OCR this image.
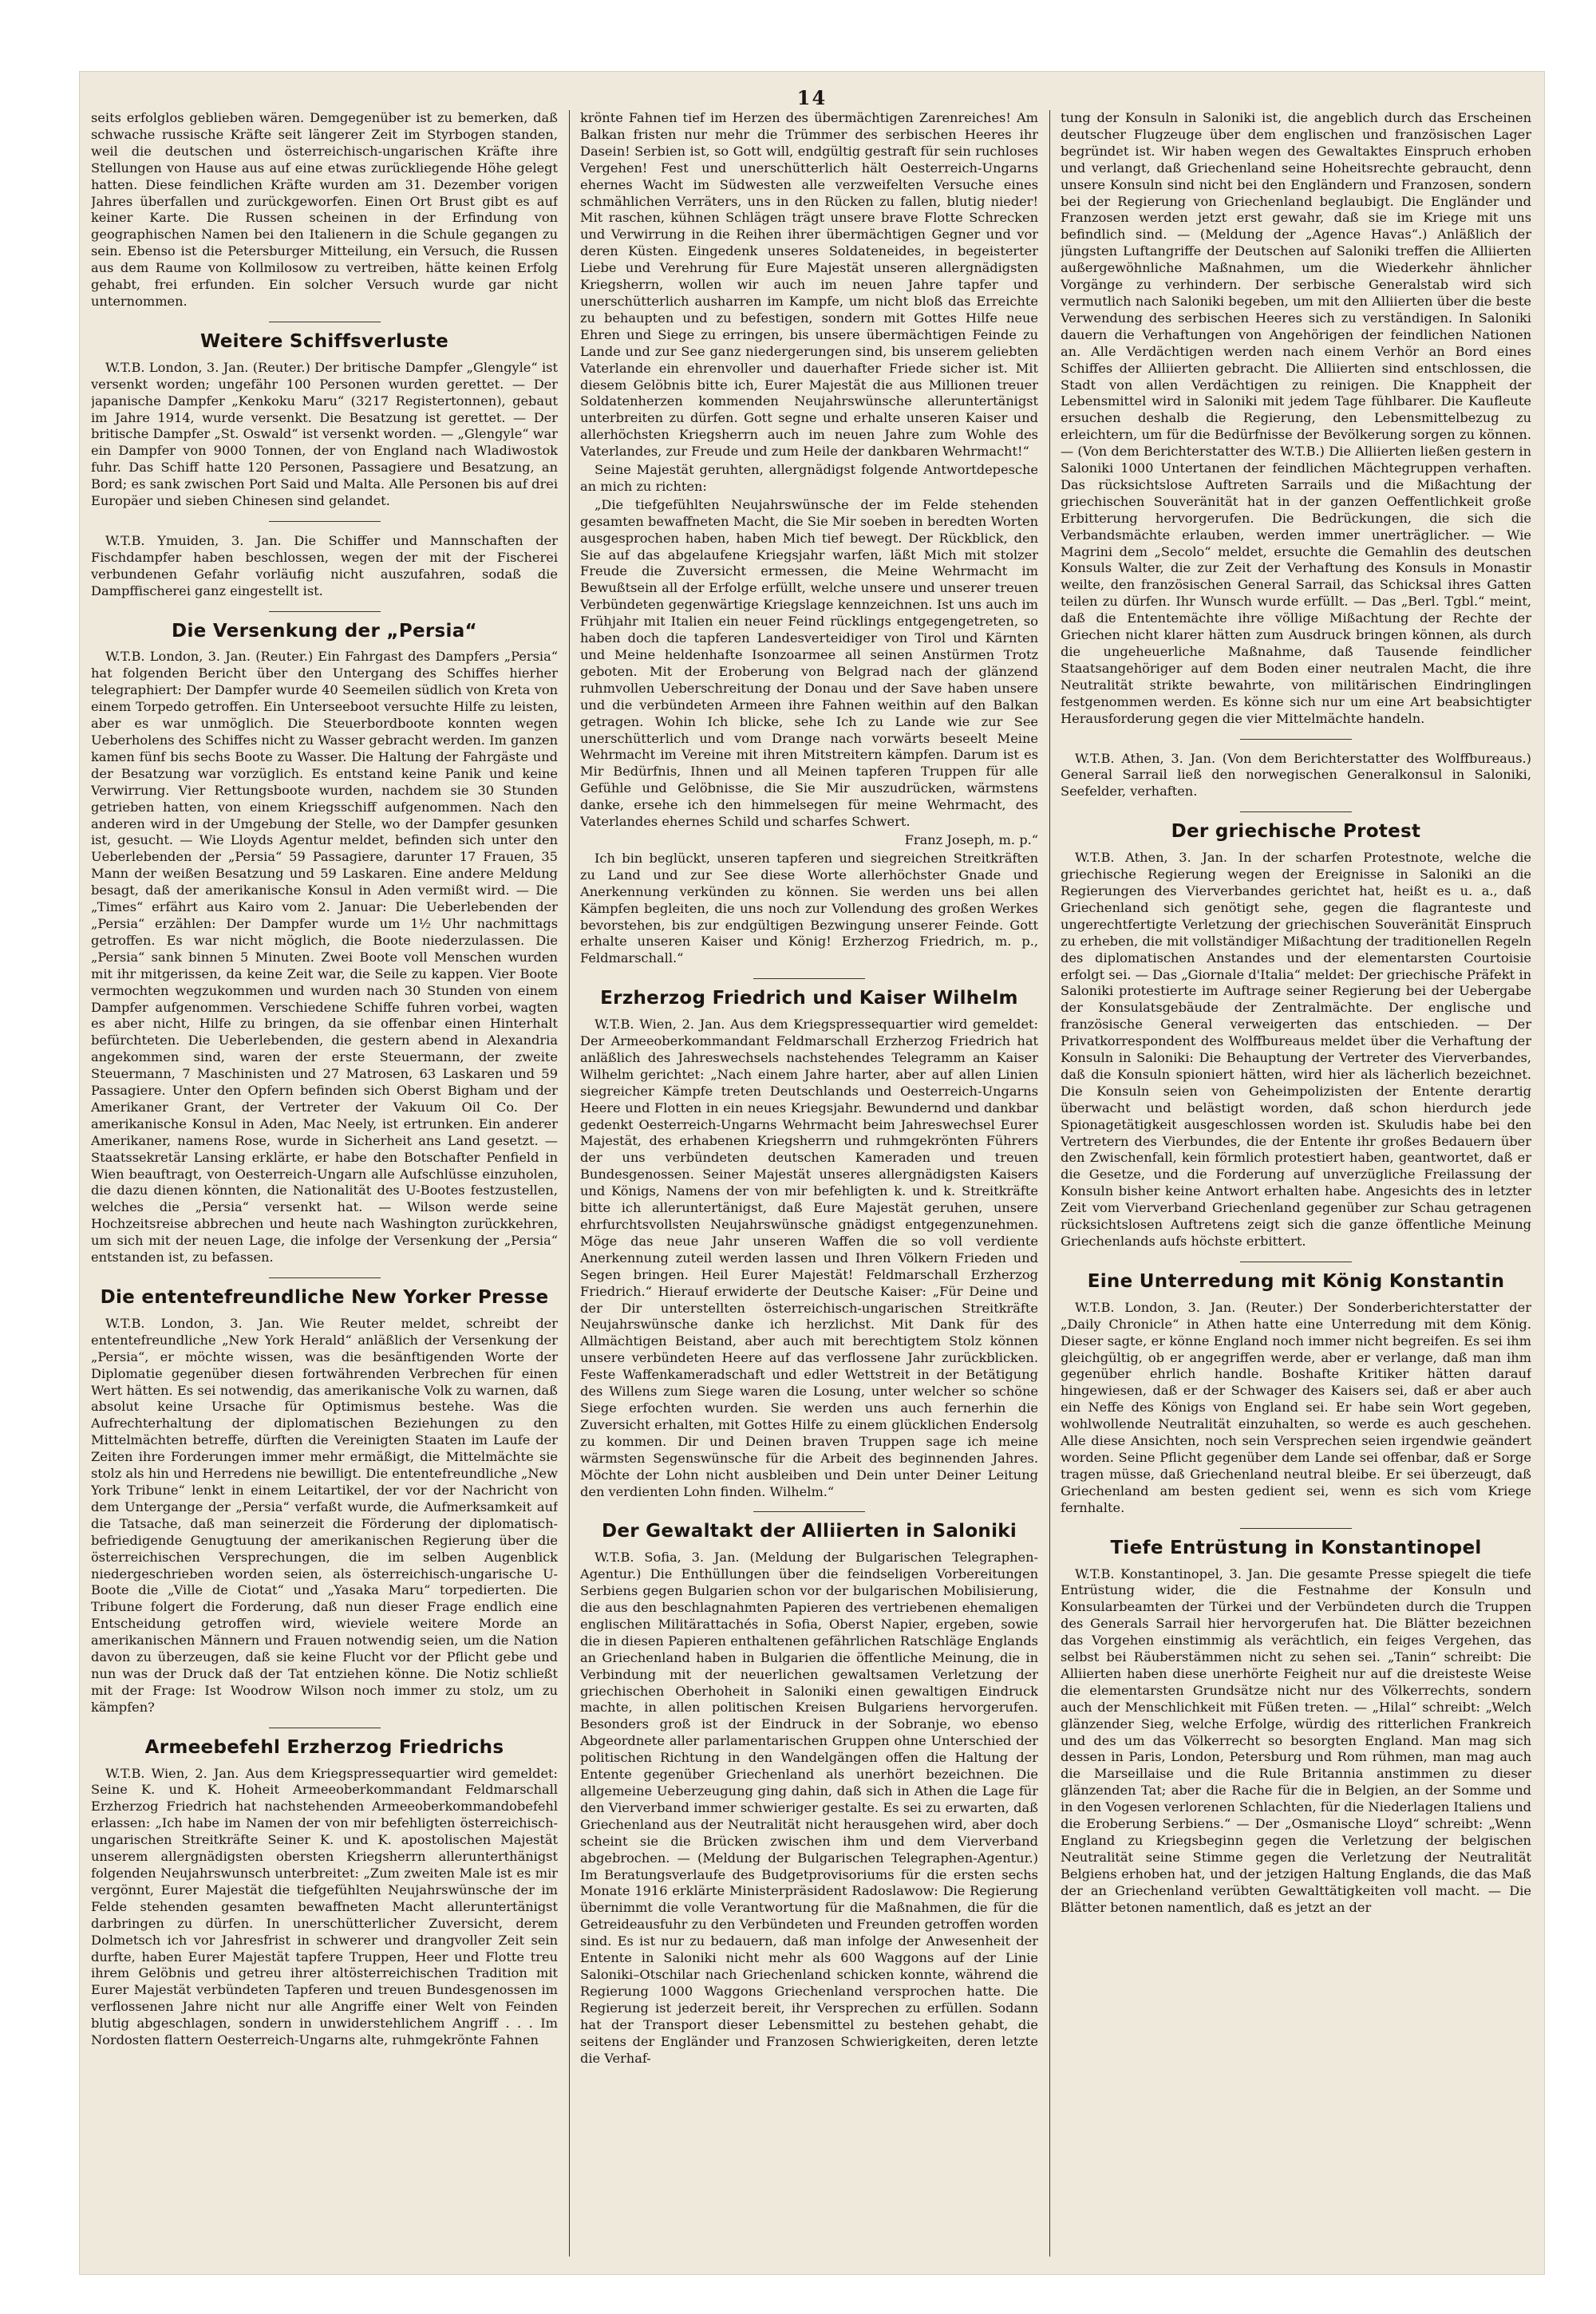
14

seits erfolglos geblieben wären. Demgegenüber ist zu bemerken, daß schwache russische Kräfte seit längerer Zeit im Styrbogen standen, weil die deutschen und österreichisch-ungarischen Kräfte ihre Stellungen von Hause aus auf eine etwas zurückliegende Höhe gelegt hatten. Diese feindlichen Kräfte wurden am 31. Dezember vorigen Jahres überfallen und zurückgeworfen. Einen Ort Brust gibt es auf keiner Karte. Die Russen scheinen in der Erfindung von geographischen Namen bei den Italienern in die Schule gegangen zu sein. Ebenso ist die Petersburger Mitteilung, ein Versuch, die Russen aus dem Raume von Kollmilosow zu vertreiben, hätte keinen Erfolg gehabt, frei erfunden. Ein solcher Versuch wurde gar nicht unternommen.

Weitere Schiffsverluste

W.T.B. London, 3. Jan. (Reuter.) Der britische Dampfer „Glengyle“ ist versenkt worden; ungefähr 100 Personen wurden gerettet. — Der japanische Dampfer „Kenkoku Maru“ (3217 Registertonnen), gebaut im Jahre 1914, wurde versenkt. Die Besatzung ist gerettet. — Der britische Dampfer „St. Oswald“ ist versenkt worden. — „Glengyle“ war ein Dampfer von 9000 Tonnen, der von England nach Wladiwostok fuhr. Das Schiff hatte 120 Personen, Passagiere und Besatzung, an Bord; es sank zwischen Port Said und Malta. Alle Personen bis auf drei Europäer und sieben Chinesen sind gelandet.

W.T.B. Ymuiden, 3. Jan. Die Schiffer und Mannschaften der Fischdampfer haben beschlossen, wegen der mit der Fischerei verbundenen Gefahr vorläufig nicht auszufahren, sodaß die Dampffischerei ganz eingestellt ist.

Die Versenkung der „Persia“

W.T.B. London, 3. Jan. (Reuter.) Ein Fahrgast des Dampfers „Persia“ hat folgenden Bericht über den Untergang des Schiffes hierher telegraphiert: Der Dampfer wurde 40 Seemeilen südlich von Kreta von einem Torpedo getroffen. Ein Unterseeboot versuchte Hilfe zu leisten, aber es war unmöglich. Die Steuerbordboote konnten wegen Ueberholens des Schiffes nicht zu Wasser gebracht werden. Im ganzen kamen fünf bis sechs Boote zu Wasser. Die Haltung der Fahrgäste und der Besatzung war vorzüglich. Es entstand keine Panik und keine Verwirrung. Vier Rettungsboote wurden, nachdem sie 30 Stunden getrieben hatten, von einem Kriegsschiff aufgenommen. Nach den anderen wird in der Umgebung der Stelle, wo der Dampfer gesunken ist, gesucht. — Wie Lloyds Agentur meldet, befinden sich unter den Ueberlebenden der „Persia“ 59 Passagiere, darunter 17 Frauen, 35 Mann der weißen Besatzung und 59 Laskaren. Eine andere Meldung besagt, daß der amerikanische Konsul in Aden vermißt wird. — Die „Times“ erfährt aus Kairo vom 2. Januar: Die Ueberlebenden der „Persia“ erzählen: Der Dampfer wurde um 1½ Uhr nachmittags getroffen. Es war nicht möglich, die Boote niederzulassen. Die „Persia“ sank binnen 5 Minuten. Zwei Boote voll Menschen wurden mit ihr mitgerissen, da keine Zeit war, die Seile zu kappen. Vier Boote vermochten wegzukommen und wurden nach 30 Stunden von einem Dampfer aufgenommen. Verschiedene Schiffe fuhren vorbei, wagten es aber nicht, Hilfe zu bringen, da sie offenbar einen Hinterhalt befürchteten. Die Ueberlebenden, die gestern abend in Alexandria angekommen sind, waren der erste Steuermann, der zweite Steuermann, 7 Maschinisten und 27 Matrosen, 63 Laskaren und 59 Passagiere. Unter den Opfern befinden sich Oberst Bigham und der Amerikaner Grant, der Vertreter der Vakuum Oil Co. Der amerikanische Konsul in Aden, Mac Neely, ist ertrunken. Ein anderer Amerikaner, namens Rose, wurde in Sicherheit ans Land gesetzt. — Staatssekretär Lansing erklärte, er habe den Botschafter Penfield in Wien beauftragt, von Oesterreich-Ungarn alle Aufschlüsse einzuholen, die dazu dienen könnten, die Nationalität des U-Bootes festzustellen, welches die „Persia“ versenkt hat. — Wilson werde seine Hochzeitsreise abbrechen und heute nach Washington zurückkehren, um sich mit der neuen Lage, die infolge der Versenkung der „Persia“ entstanden ist, zu befassen.

Die ententefreundliche New Yorker Presse

W.T.B. London, 3. Jan. Wie Reuter meldet, schreibt der ententefreundliche „New York Herald“ anläßlich der Versenkung der „Persia“, er möchte wissen, was die besänftigenden Worte der Diplomatie gegenüber diesen fortwährenden Verbrechen für einen Wert hätten. Es sei notwendig, das amerikanische Volk zu warnen, daß absolut keine Ursache für Optimismus bestehe. Was die Aufrechterhaltung der diplomatischen Beziehungen zu den Mittelmächten betreffe, dürften die Vereinigten Staaten im Laufe der Zeiten ihre Forderungen immer mehr ermäßigt, die Mittelmächte sie stolz als hin und Herredens nie bewilligt. Die ententefreundliche „New York Tribune“ lenkt in einem Leitartikel, der vor der Nachricht von dem Untergange der „Persia“ verfaßt wurde, die Aufmerksamkeit auf die Tatsache, daß man seinerzeit die Förderung der diplomatisch-befriedigende Genugtuung der amerikanischen Regierung über die österreichischen Versprechungen, die im selben Augenblick niedergeschrieben worden seien, als österreichisch-ungarische U-Boote die „Ville de Ciotat“ und „Yasaka Maru“ torpedierten. Die Tribune folgert die Forderung, daß nun dieser Frage endlich eine Entscheidung getroffen wird, wieviele weitere Morde an amerikanischen Männern und Frauen notwendig seien, um die Nation davon zu überzeugen, daß sie keine Flucht vor der Pflicht gebe und nun was der Druck daß der Tat entziehen könne. Die Notiz schließt mit der Frage: Ist Woodrow Wilson noch immer zu stolz, um zu kämpfen?

Armeebefehl Erzherzog Friedrichs

W.T.B. Wien, 2. Jan. Aus dem Kriegspressequartier wird gemeldet: Seine K. und K. Hoheit Armeeoberkommandant Feldmarschall Erzherzog Friedrich hat nachstehenden Armeeoberkommandobefehl erlassen: „Ich habe im Namen der von mir befehligten österreichisch-ungarischen Streitkräfte Seiner K. und K. apostolischen Majestät unserem allergnädigsten obersten Kriegsherrn allerunterthänigst folgenden Neujahrswunsch unterbreitet: „Zum zweiten Male ist es mir vergönnt, Eurer Majestät die tiefgefühlten Neujahrswünsche der im Felde stehenden gesamten bewaffneten Macht alleruntertänigst darbringen zu dürfen. In unerschütterlicher Zuversicht, derem Dolmetsch ich vor Jahresfrist in schwerer und drangvoller Zeit sein durfte, haben Eurer Majestät tapfere Truppen, Heer und Flotte treu ihrem Gelöbnis und getreu ihrer altösterreichischen Tradition mit Eurer Majestät verbündeten Tapferen und treuen Bundesgenossen im verflossenen Jahre nicht nur alle Angriffe einer Welt von Feinden blutig abgeschlagen, sondern in unwiderstehlichem Angriff . . . Im Nordosten flattern Oesterreich-Ungarns alte, ruhmgekrönte Fahnen

krönte Fahnen tief im Herzen des übermächtigen Zarenreiches! Am Balkan fristen nur mehr die Trümmer des serbischen Heeres ihr Dasein! Serbien ist, so Gott will, endgültig gestraft für sein ruchloses Vergehen! Fest und unerschütterlich hält Oesterreich-Ungarns ehernes Wacht im Südwesten alle verzweifelten Versuche eines schmählichen Verräters, uns in den Rücken zu fallen, blutig nieder! Mit raschen, kühnen Schlägen trägt unsere brave Flotte Schrecken und Verwirrung in die Reihen ihrer übermächtigen Gegner und vor deren Küsten. Eingedenk unseres Soldateneides, in begeisterter Liebe und Verehrung für Eure Majestät unseren allergnädigsten Kriegsherrn, wollen wir auch im neuen Jahre tapfer und unerschütterlich ausharren im Kampfe, um nicht bloß das Erreichte zu behaupten und zu befestigen, sondern mit Gottes Hilfe neue Ehren und Siege zu erringen, bis unsere übermächtigen Feinde zu Lande und zur See ganz niedergerungen sind, bis unserem geliebten Vaterlande ein ehrenvoller und dauerhafter Friede sicher ist. Mit diesem Gelöbnis bitte ich, Eurer Majestät die aus Millionen treuer Soldatenherzen kommenden Neujahrswünsche alleruntertänigst unterbreiten zu dürfen. Gott segne und erhalte unseren Kaiser und allerhöchsten Kriegsherrn auch im neuen Jahre zum Wohle des Vaterlandes, zur Freude und zum Heile der dankbaren Wehrmacht!“

Seine Majestät geruhten, allergnädigst folgende Antwortdepesche an mich zu richten:

„Die tiefgefühlten Neujahrswünsche der im Felde stehenden gesamten bewaffneten Macht, die Sie Mir soeben in beredten Worten ausgesprochen haben, haben Mich tief bewegt. Der Rückblick, den Sie auf das abgelaufene Kriegsjahr warfen, läßt Mich mit stolzer Freude die Zuversicht ermessen, die Meine Wehrmacht im Bewußtsein all der Erfolge erfüllt, welche unsere und unserer treuen Verbündeten gegenwärtige Kriegslage kennzeichnen. Ist uns auch im Frühjahr mit Italien ein neuer Feind rücklings entgegengetreten, so haben doch die tapferen Landesverteidiger von Tirol und Kärnten und Meine heldenhafte Isonzoarmee all seinen Anstürmen Trotz geboten. Mit der Eroberung von Belgrad nach der glänzend ruhmvollen Ueberschreitung der Donau und der Save haben unsere und die verbündeten Armeen ihre Fahnen weithin auf den Balkan getragen. Wohin Ich blicke, sehe Ich zu Lande wie zur See unerschütterlich und vom Drange nach vorwärts beseelt Meine Wehrmacht im Vereine mit ihren Mitstreitern kämpfen. Darum ist es Mir Bedürfnis, Ihnen und all Meinen tapferen Truppen für alle Gefühle und Gelöbnisse, die Sie Mir auszudrücken, wärmstens danke, ersehe ich den himmelsegen für meine Wehrmacht, des Vaterlandes ehernes Schild und scharfes Schwert.

Franz Joseph, m. p.“

Ich bin beglückt, unseren tapferen und siegreichen Streitkräften zu Land und zur See diese Worte allerhöchster Gnade und Anerkennung verkünden zu können. Sie werden uns bei allen Kämpfen begleiten, die uns noch zur Vollendung des großen Werkes bevorstehen, bis zur endgültigen Bezwingung unserer Feinde. Gott erhalte unseren Kaiser und König! Erzherzog Friedrich, m. p., Feldmarschall.“

Erzherzog Friedrich und Kaiser Wilhelm

W.T.B. Wien, 2. Jan. Aus dem Kriegspressequartier wird gemeldet: Der Armeeoberkommandant Feldmarschall Erzherzog Friedrich hat anläßlich des Jahreswechsels nachstehendes Telegramm an Kaiser Wilhelm gerichtet: „Nach einem Jahre harter, aber auf allen Linien siegreicher Kämpfe treten Deutschlands und Oesterreich-Ungarns Heere und Flotten in ein neues Kriegsjahr. Bewundernd und dankbar gedenkt Oesterreich-Ungarns Wehrmacht beim Jahreswechsel Eurer Majestät, des erhabenen Kriegsherrn und ruhmgekrönten Führers der uns verbündeten deutschen Kameraden und treuen Bundesgenossen. Seiner Majestät unseres allergnädigsten Kaisers und Königs, Namens der von mir befehligten k. und k. Streitkräfte bitte ich alleruntertänigst, daß Eure Majestät geruhen, unsere ehrfurchtsvollsten Neujahrswünsche gnädigst entgegenzunehmen. Möge das neue Jahr unseren Waffen die so voll verdiente Anerkennung zuteil werden lassen und Ihren Völkern Frieden und Segen bringen. Heil Eurer Majestät! Feldmarschall Erzherzog Friedrich.“ Hierauf erwiderte der Deutsche Kaiser: „Für Deine und der Dir unterstellten österreichisch-ungarischen Streitkräfte Neujahrswünsche danke ich herzlichst. Mit Dank für des Allmächtigen Beistand, aber auch mit berechtigtem Stolz können unsere verbündeten Heere auf das verflossene Jahr zurückblicken. Feste Waffenkameradschaft und edler Wettstreit in der Betätigung des Willens zum Siege waren die Losung, unter welcher so schöne Siege erfochten wurden. Sie werden uns auch fernerhin die Zuversicht erhalten, mit Gottes Hilfe zu einem glücklichen Endersolg zu kommen. Dir und Deinen braven Truppen sage ich meine wärmsten Segenswünsche für die Arbeit des beginnenden Jahres. Möchte der Lohn nicht ausbleiben und Dein unter Deiner Leitung den verdienten Lohn finden. Wilhelm.“

Der Gewaltakt der Alliierten in Saloniki

W.T.B. Sofia, 3. Jan. (Meldung der Bulgarischen Telegraphen-Agentur.) Die Enthüllungen über die feindseligen Vorbereitungen Serbiens gegen Bulgarien schon vor der bulgarischen Mobilisierung, die aus den beschlagnahmten Papieren des vertriebenen ehemaligen englischen Militärattachés in Sofia, Oberst Napier, ergeben, sowie die in diesen Papieren enthaltenen gefährlichen Ratschläge Englands an Griechenland haben in Bulgarien die öffentliche Meinung, die in Verbindung mit der neuerlichen gewaltsamen Verletzung der griechischen Oberhoheit in Saloniki einen gewaltigen Eindruck machte, in allen politischen Kreisen Bulgariens hervorgerufen. Besonders groß ist der Eindruck in der Sobranje, wo ebenso Abgeordnete aller parlamentarischen Gruppen ohne Unterschied der politischen Richtung in den Wandelgängen offen die Haltung der Entente gegenüber Griechenland als unerhört bezeichnen. Die allgemeine Ueberzeugung ging dahin, daß sich in Athen die Lage für den Vierverband immer schwieriger gestalte. Es sei zu erwarten, daß Griechenland aus der Neutralität nicht herausgehen wird, aber doch scheint sie die Brücken zwischen ihm und dem Vierverband abgebrochen. — (Meldung der Bulgarischen Telegraphen-Agentur.) Im Beratungsverlaufe des Budgetprovisoriums für die ersten sechs Monate 1916 erklärte Ministerpräsident Radoslawow: Die Regierung übernimmt die volle Verantwortung für die Maßnahmen, die für die Getreideausfuhr zu den Verbündeten und Freunden getroffen worden sind. Es ist nur zu bedauern, daß man infolge der Anwesenheit der Entente in Saloniki nicht mehr als 600 Waggons auf der Linie Saloniki–Otschilar nach Griechenland schicken konnte, während die Regierung 1000 Waggons Griechenland versprochen hatte. Die Regierung ist jederzeit bereit, ihr Versprechen zu erfüllen. Sodann hat der Transport dieser Lebensmittel zu bestehen gehabt, die seitens der Engländer und Franzosen Schwierigkeiten, deren letzte die Verhaf-

tung der Konsuln in Saloniki ist, die angeblich durch das Erscheinen deutscher Flugzeuge über dem englischen und französischen Lager begründet ist. Wir haben wegen des Gewaltaktes Einspruch erhoben und verlangt, daß Griechenland seine Hoheitsrechte gebraucht, denn unsere Konsuln sind nicht bei den Engländern und Franzosen, sondern bei der Regierung von Griechenland beglaubigt. Die Engländer und Franzosen werden jetzt erst gewahr, daß sie im Kriege mit uns befindlich sind. — (Meldung der „Agence Havas“.) Anläßlich der jüngsten Luftangriffe der Deutschen auf Saloniki treffen die Alliierten außergewöhnliche Maßnahmen, um die Wiederkehr ähnlicher Vorgänge zu verhindern. Der serbische Generalstab wird sich vermutlich nach Saloniki begeben, um mit den Alliierten über die beste Verwendung des serbischen Heeres sich zu verständigen. In Saloniki dauern die Verhaftungen von Angehörigen der feindlichen Nationen an. Alle Verdächtigen werden nach einem Verhör an Bord eines Schiffes der Alliierten gebracht. Die Alliierten sind entschlossen, die Stadt von allen Verdächtigen zu reinigen. Die Knappheit der Lebensmittel wird in Saloniki mit jedem Tage fühlbarer. Die Kaufleute ersuchen deshalb die Regierung, den Lebensmittelbezug zu erleichtern, um für die Bedürfnisse der Bevölkerung sorgen zu können. — (Von dem Berichterstatter des W.T.B.) Die Alliierten ließen gestern in Saloniki 1000 Untertanen der feindlichen Mächtegruppen verhaften. Das rücksichtslose Auftreten Sarrails und die Mißachtung der griechischen Souveränität hat in der ganzen Oeffentlichkeit große Erbitterung hervorgerufen. Die Bedrückungen, die sich die Verbandsmächte erlauben, werden immer unerträglicher. — Wie Magrini dem „Secolo“ meldet, ersuchte die Gemahlin des deutschen Konsuls Walter, die zur Zeit der Verhaftung des Konsuls in Monastir weilte, den französischen General Sarrail, das Schicksal ihres Gatten teilen zu dürfen. Ihr Wunsch wurde erfüllt. — Das „Berl. Tgbl.“ meint, daß die Ententemächte ihre völlige Mißachtung der Rechte der Griechen nicht klarer hätten zum Ausdruck bringen können, als durch die ungeheuerliche Maßnahme, daß Tausende feindlicher Staatsangehöriger auf dem Boden einer neutralen Macht, die ihre Neutralität strikte bewahrte, von militärischen Eindringlingen festgenommen werden. Es könne sich nur um eine Art beabsichtigter Herausforderung gegen die vier Mittelmächte handeln.

W.T.B. Athen, 3. Jan. (Von dem Berichterstatter des Wolffbureaus.) General Sarrail ließ den norwegischen Generalkonsul in Saloniki, Seefelder, verhaften.

Der griechische Protest

W.T.B. Athen, 3. Jan. In der scharfen Protestnote, welche die griechische Regierung wegen der Ereignisse in Saloniki an die Regierungen des Vierverbandes gerichtet hat, heißt es u. a., daß Griechenland sich genötigt sehe, gegen die flagranteste und ungerechtfertigte Verletzung der griechischen Souveränität Einspruch zu erheben, die mit vollständiger Mißachtung der traditionellen Regeln des diplomatischen Anstandes und der elementarsten Courtoisie erfolgt sei. — Das „Giornale d'Italia“ meldet: Der griechische Präfekt in Saloniki protestierte im Auftrage seiner Regierung bei der Uebergabe der Konsulatsgebäude der Zentralmächte. Der englische und französische General verweigerten das entschieden. — Der Privatkorrespondent des Wolffbureaus meldet über die Verhaftung der Konsuln in Saloniki: Die Behauptung der Vertreter des Vierverbandes, daß die Konsuln spioniert hätten, wird hier als lächerlich bezeichnet. Die Konsuln seien von Geheimpolizisten der Entente derartig überwacht und belästigt worden, daß schon hierdurch jede Spionagetätigkeit ausgeschlossen worden ist. Skuludis habe bei den Vertretern des Vierbundes, die der Entente ihr großes Bedauern über den Zwischenfall, kein förmlich protestiert haben, geantwortet, daß er die Gesetze, und die Forderung auf unverzügliche Freilassung der Konsuln bisher keine Antwort erhalten habe. Angesichts des in letzter Zeit vom Vierverband Griechenland gegenüber zur Schau getragenen rücksichtslosen Auftretens zeigt sich die ganze öffentliche Meinung Griechenlands aufs höchste erbittert.

Eine Unterredung mit König Konstantin

W.T.B. London, 3. Jan. (Reuter.) Der Sonderberichterstatter der „Daily Chronicle“ in Athen hatte eine Unterredung mit dem König. Dieser sagte, er könne England noch immer nicht begreifen. Es sei ihm gleichgültig, ob er angegriffen werde, aber er verlange, daß man ihm gegenüber ehrlich handle. Boshafte Kritiker hätten darauf hingewiesen, daß er der Schwager des Kaisers sei, daß er aber auch ein Neffe des Königs von England sei. Er habe sein Wort gegeben, wohlwollende Neutralität einzuhalten, so werde es auch geschehen. Alle diese Ansichten, noch sein Versprechen seien irgendwie geändert worden. Seine Pflicht gegenüber dem Lande sei offenbar, daß er Sorge tragen müsse, daß Griechenland neutral bleibe. Er sei überzeugt, daß Griechenland am besten gedient sei, wenn es sich vom Kriege fernhalte.

Tiefe Entrüstung in Konstantinopel

W.T.B. Konstantinopel, 3. Jan. Die gesamte Presse spiegelt die tiefe Entrüstung wider, die die Festnahme der Konsuln und Konsularbeamten der Türkei und der Verbündeten durch die Truppen des Generals Sarrail hier hervorgerufen hat. Die Blätter bezeichnen das Vorgehen einstimmig als verächtlich, ein feiges Vergehen, das selbst bei Räuberstämmen nicht zu sehen sei. „Tanin“ schreibt: Die Alliierten haben diese unerhörte Feigheit nur auf die dreisteste Weise die elementarsten Grundsätze nicht nur des Völkerrechts, sondern auch der Menschlichkeit mit Füßen treten. — „Hilal“ schreibt: „Welch glänzender Sieg, welche Erfolge, würdig des ritterlichen Frankreich und des um das Völkerrecht so besorgten England. Man mag sich dessen in Paris, London, Petersburg und Rom rühmen, man mag auch die Marseillaise und die Rule Britannia anstimmen zu dieser glänzenden Tat; aber die Rache für die in Belgien, an der Somme und in den Vogesen verlorenen Schlachten, für die Niederlagen Italiens und die Eroberung Serbiens.“ — Der „Osmanische Lloyd“ schreibt: „Wenn England zu Kriegsbeginn gegen die Verletzung der belgischen Neutralität seine Stimme gegen die Verletzung der Neutralität Belgiens erhoben hat, und der jetzigen Haltung Englands, die das Maß der an Griechenland verübten Gewalttätigkeiten voll macht. — Die Blätter betonen namentlich, daß es jetzt an der
